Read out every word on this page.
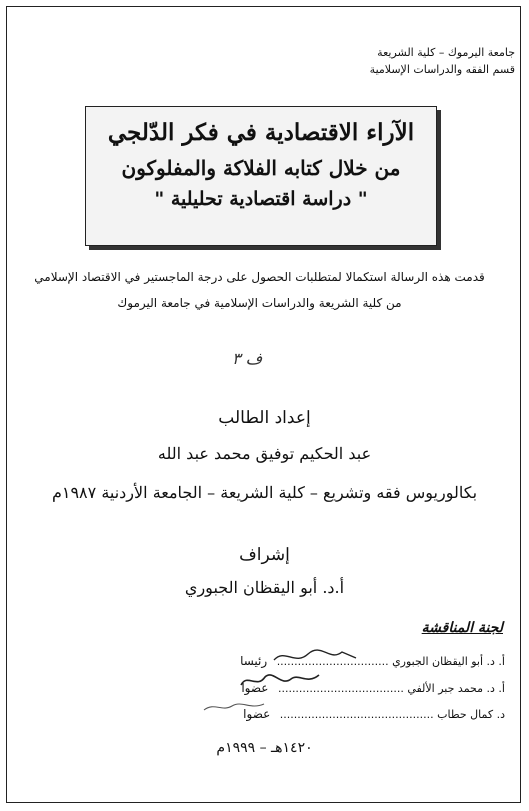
جامعة اليرموك – كلية الشريعة
قسم الفقه والدراسات الإسلامية
الآراء الاقتصادية في فكر الدّلجي
من خلال كتابه الفلاكة والمفلوكون
" دراسة اقتصادية تحليلية "
قدمت هذه الرسالة استكمالا لمتطلبات الحصول على درجة الماجستير في الاقتصاد الإسلامي من كلية الشريعة والدراسات الإسلامية في جامعة اليرموك
ف ٣
إعداد الطالب
عبد الحكيم توفيق محمد عبد الله
بكالوريوس فقه وتشريع – كلية الشريعة – الجامعة الأردنية ١٩٨٧م
إشراف
أ.د. أبو اليقظان الجبوري
لجنة المناقشة
أ. د. أبو اليقظان الجبوري ................................ رئيسا
أ. د. محمد جبر الألفي .................................... عضوا
د. كمال حطاب ............................................ عضوا
١٤٢٠هـ – ١٩٩٩م
